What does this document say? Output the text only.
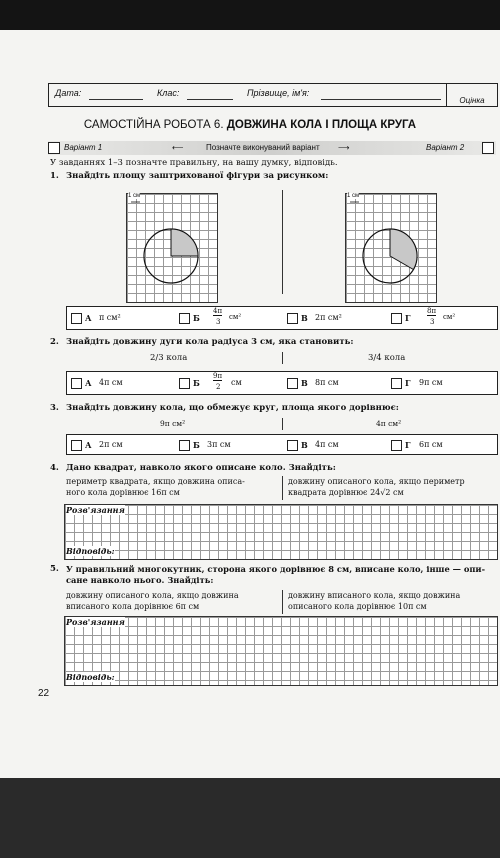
Дата:	Клас:	Прізвище, ім'я:
Оцінка
САМОСТІЙНА РОБОТА 6. ДОВЖИНА КОЛА І ПЛОЩА КРУГА
Варіант 1	⟵	Позначте виконуваний варіант ⟶	Варіант 2
У завданнях 1–3 позначте правильну, на вашу думку, відповідь.
1. Знайдіть площу заштрихованої фігури за рисунком:
1 см	1 см
А π см²	Б
4π
3
см²	В 2π см²	Г
8π
3
см²
2. Знайдіть довжину дуги кола радіуса 3 см, яка становить:
2/3 кола	3/4 кола
А 4π см	Б
9π
2 см	В 8π см	Г 9π см
3. Знайдіть довжину кола, що обмежує круг, площа якого дорівнює:
9π см²	4π см²
А 2π см	Б 3π см	В 4π см	Г 6π см
4. Дано квадрат, навколо якого описане коло. Знайдіть:
периметр квадрата, якщо довжина описа-
ного кола дорівнює 16π см
довжину описаного кола, якщо периметр
квадрата дорівнює 24√2 см
Розв'язання
Відповідь:
5. У правильний многокутник, сторона якого дорівнює 8 см, вписане коло, інше — опи-
сане навколо нього. Знайдіть:
довжину описаного кола, якщо довжина
вписаного кола дорівнює 6π см
довжину вписаного кола, якщо довжина
описаного кола дорівнює 10π см
Розв'язання
Відповідь:
22
